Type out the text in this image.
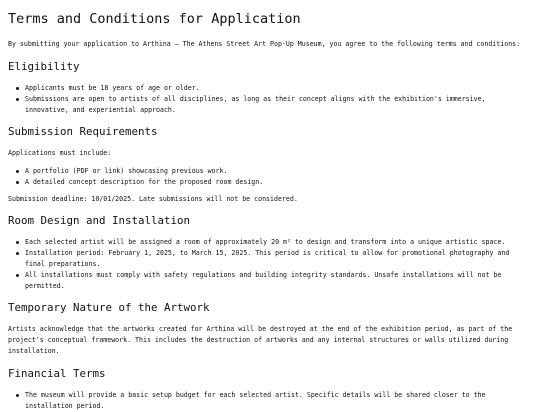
Terms and Conditions for Application

By submitting your application to Arthina – The Athens Street Art Pop-Up Museum, you agree to the following terms and conditions:

Eligibility
Applicants must be 18 years of age or older.
Submissions are open to artists of all disciplines, as long as their concept aligns with the exhibition's immersive, innovative, and experiential approach.
Submission Requirements

Applications must include:

A portfolio (PDF or link) showcasing previous work.
A detailed concept description for the proposed room design.

Submission deadline: 10/01/2025. Late submissions will not be considered.

Room Design and Installation
Each selected artist will be assigned a room of approximately 20 m² to design and transform into a unique artistic space.
Installation period: February 1, 2025, to March 15, 2025. This period is critical to allow for promotional photography and final preparations.
All installations must comply with safety regulations and building integrity standards. Unsafe installations will not be permitted.
Temporary Nature of the Artwork

Artists acknowledge that the artworks created for Arthina will be destroyed at the end of the exhibition period, as part of the project's conceptual framework. This includes the destruction of artworks and any internal structures or walls utilized during installation.

Financial Terms
The museum will provide a basic setup budget for each selected artist. Specific details will be shared closer to the installation period.
